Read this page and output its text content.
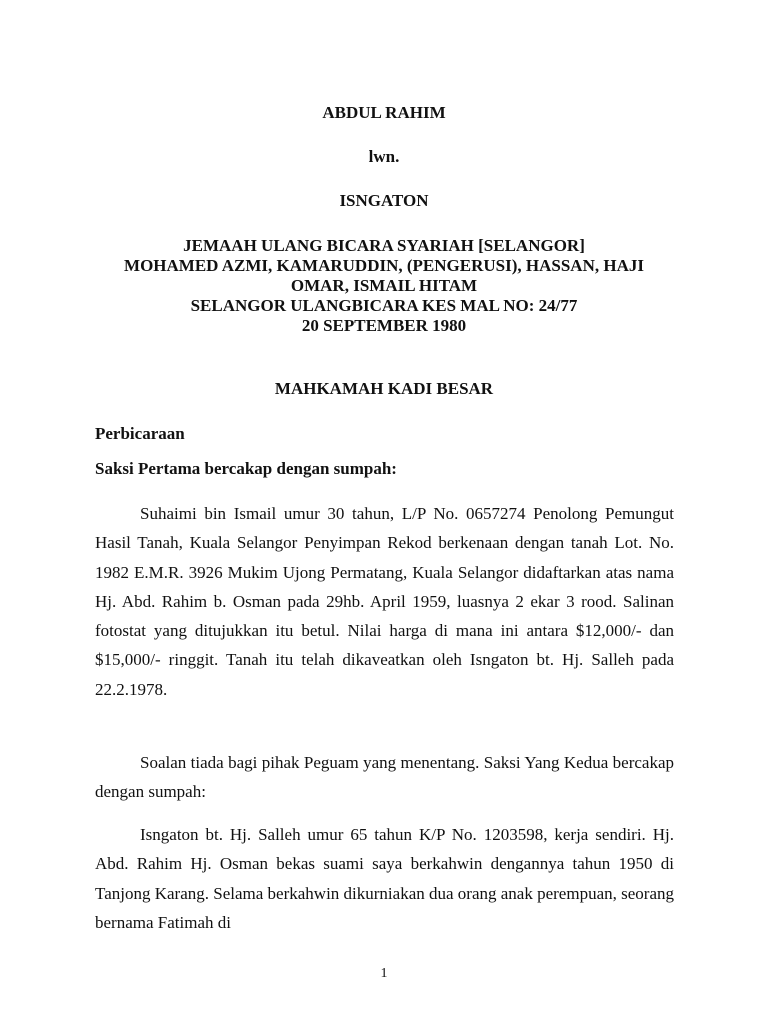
ABDUL RAHIM

lwn.

ISNGATON

JEMAAH ULANG BICARA SYARIAH [SELANGOR]
MOHAMED AZMI, KAMARUDDIN, (PENGERUSI), HASSAN, HAJI
OMAR, ISMAIL HITAM
SELANGOR ULANGBICARA KES MAL NO: 24/77
20 SEPTEMBER 1980

MAHKAMAH KADI BESAR

Perbicaraan

Saksi Pertama bercakap dengan sumpah:

Suhaimi bin Ismail umur 30 tahun, L/P No. 0657274 Penolong Pemungut Hasil Tanah, Kuala Selangor Penyimpan Rekod berkenaan dengan tanah Lot. No. 1982 E.M.R. 3926 Mukim Ujong Permatang, Kuala Selangor didaftarkan atas nama Hj. Abd. Rahim b. Osman pada 29hb. April 1959, luasnya 2 ekar 3 rood. Salinan fotostat yang ditujukkan itu betul. Nilai harga di mana ini antara $12,000/- dan $15,000/- ringgit. Tanah itu telah dikaveatkan oleh Isngaton bt. Hj. Salleh pada 22.2.1978.

Soalan tiada bagi pihak Peguam yang menentang. Saksi Yang Kedua bercakap dengan sumpah:

Isngaton bt. Hj. Salleh umur 65 tahun K/P No. 1203598, kerja sendiri. Hj. Abd. Rahim Hj. Osman bekas suami saya berkahwin dengannya tahun 1950 di Tanjong Karang. Selama berkahwin dikurniakan dua orang anak perempuan, seorang bernama Fatimah di

1
